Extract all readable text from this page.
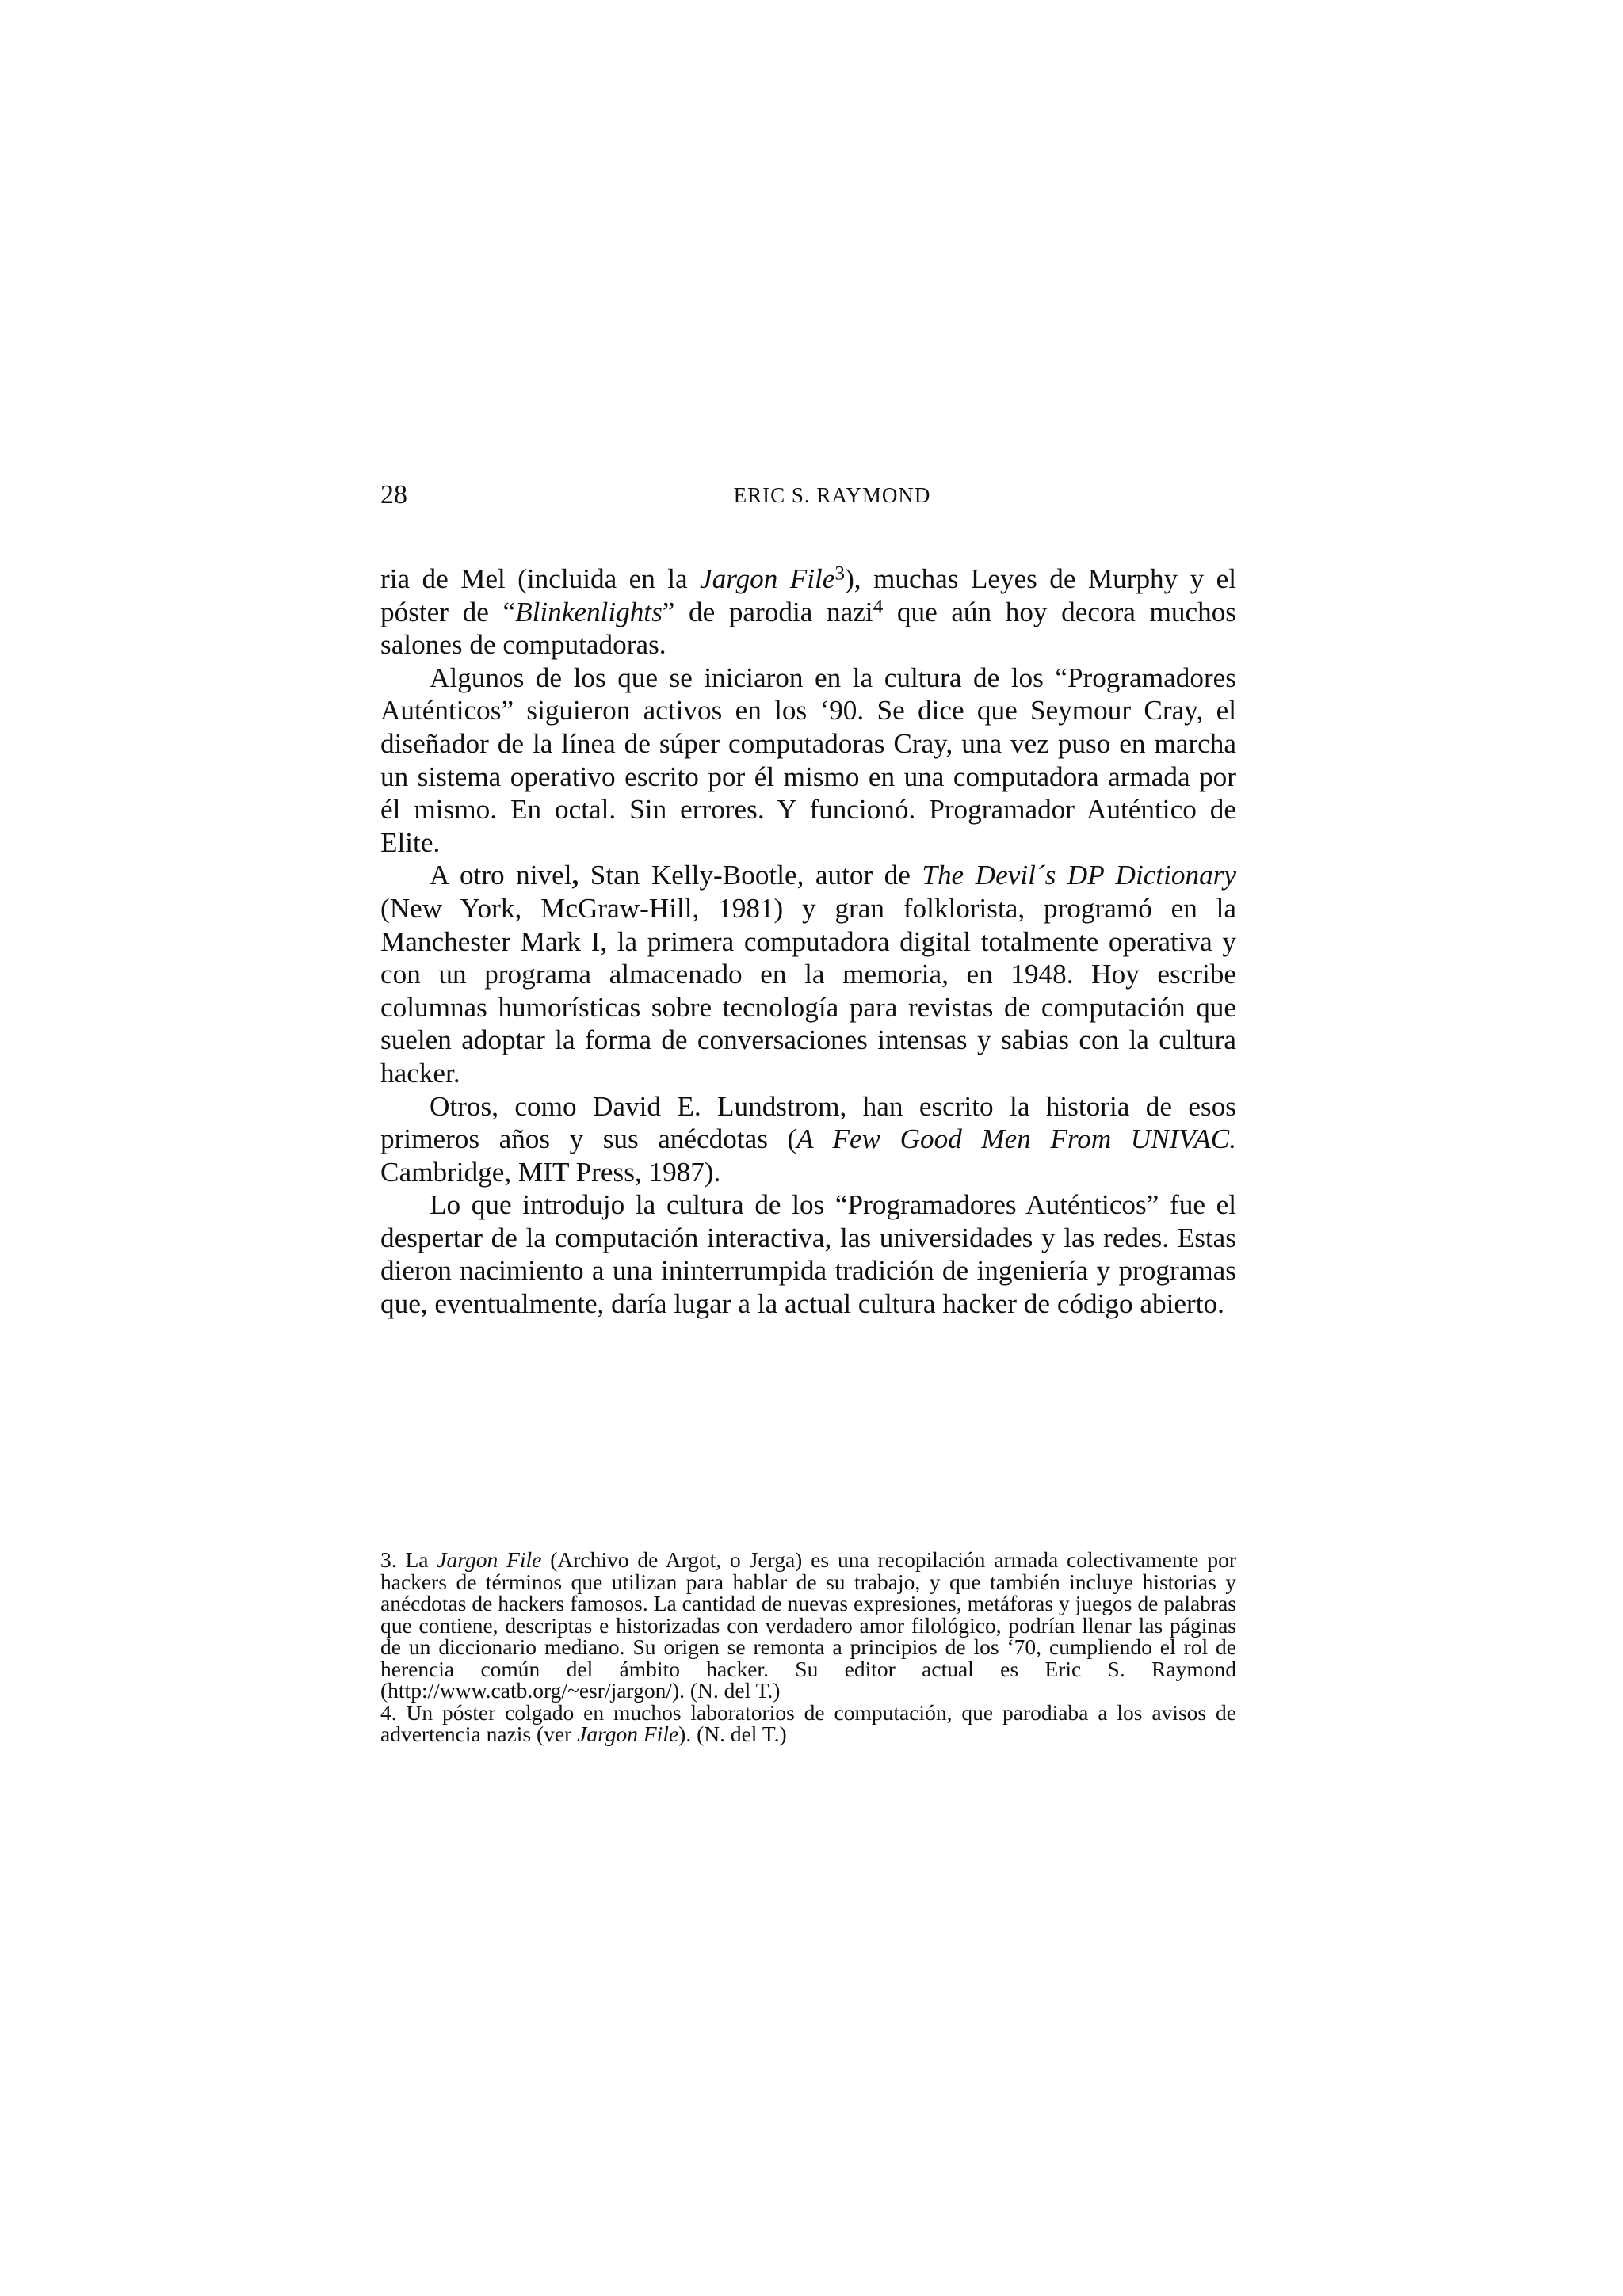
28	ERIC S. RAYMOND

ria de Mel (incluida en la Jargon File$^3$), muchas Leyes de Murphy y el póster de “Blinkenlights” de parodia nazi$^4$ que aún hoy decora muchos salones de computadoras.

Algunos de los que se iniciaron en la cultura de los “Programadores Auténticos” siguieron activos en los ‘90. Se dice que Seymour Cray, el diseñador de la línea de súper computadoras Cray, una vez puso en marcha un sistema operativo escrito por él mismo en una computadora armada por él mismo. En octal. Sin errores. Y funcionó. Programador Auténtico de Elite.

A otro nivel, Stan Kelly-Bootle, autor de The Devil´s DP Dictionary (New York, McGraw-Hill, 1981) y gran folklorista, programó en la Manchester Mark I, la primera computadora digital totalmente operativa y con un programa almacenado en la memoria, en 1948. Hoy escribe columnas humorísticas sobre tecnología para revistas de computación que suelen adoptar la forma de conversaciones intensas y sabias con la cultura hacker.

Otros, como David E. Lundstrom, han escrito la historia de esos primeros años y sus anécdotas (A Few Good Men From UNIVAC. Cambridge, MIT Press, 1987).

Lo que introdujo la cultura de los “Programadores Auténticos” fue el despertar de la computación interactiva, las universidades y las redes. Estas dieron nacimiento a una ininterrumpida tradición de ingeniería y programas que, eventualmente, daría lugar a la actual cultura hacker de código abierto.

3. La Jargon File (Archivo de Argot, o Jerga) es una recopilación armada colectivamente por hackers de términos que utilizan para hablar de su trabajo, y que también incluye historias y anécdotas de hackers famosos. La cantidad de nuevas expresiones, metáforas y juegos de palabras que contiene, descriptas e historizadas con verdadero amor filológico, podrían llenar las páginas de un diccionario mediano. Su origen se remonta a principios de los ‘70, cumpliendo el rol de herencia común del ámbito hacker. Su editor actual es Eric S. Raymond (http://www.catb.org/~esr/jargon/). (N. del T.)

4. Un póster colgado en muchos laboratorios de computación, que parodiaba a los avisos de advertencia nazis (ver Jargon File). (N. del T.)
